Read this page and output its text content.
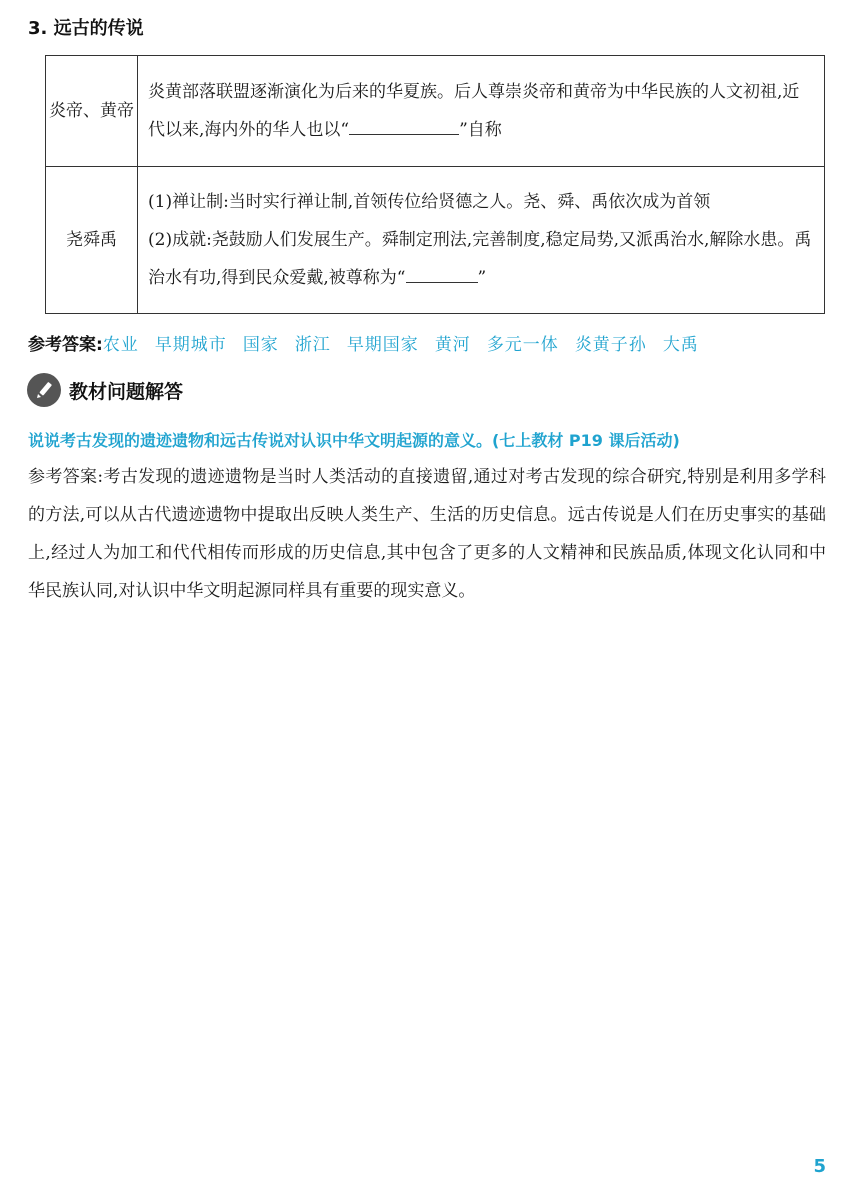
3. 远古的传说
炎帝、黄帝	炎黄部落联盟逐渐演化为后来的华夏族。后人尊崇炎帝和黄帝为中华民族的人文初祖,近代以来,海内外的华人也以“ ”自称
尧舜禹	(1)禅让制:当时实行禅让制,首领传位给贤德之人。尧、舜、禹依次成为首领
(2)成就:尧鼓励人们发展生产。舜制定刑法,完善制度,稳定局势,又派禹治水,解除水患。禹治水有功,得到民众爱戴,被尊称为“ ”
参考答案:农业 早期城市 国家 浙江 早期国家 黄河 多元一体 炎黄子孙 大禹
教材问题解答
说说考古发现的遗迹遗物和远古传说对认识中华文明起源的意义。(七上教材 P19 课后活动)

参考答案:考古发现的遗迹遗物是当时人类活动的直接遗留,通过对考古发现的综合研究,特别是利用多学科的方法,可以从古代遗迹遗物中提取出反映人类生产、生活的历史信息。远古传说是人们在历史事实的基础上,经过人为加工和代代相传而形成的历史信息,其中包含了更多的人文精神和民族品质,体现文化认同和中华民族认同,对认识中华文明起源同样具有重要的现实意义。

5
